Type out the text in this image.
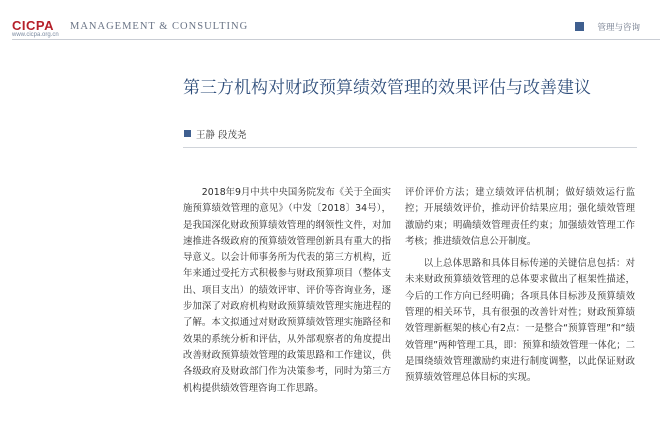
CICPA
www.cicpa.org.cn
MANAGEMENT & CONSULTING	管理与咨询
第三方机构对财政预算绩效管理的效果评估与改善建议
王静 段茂尧

2018年9月中共中央国务院发布《关于全面实施预算绩效管理的意见》（中发〔2018〕34号），是我国深化财政预算绩效管理的纲领性文件，对加速推进各级政府的预算绩效管理创新具有重大的指导意义。以会计师事务所为代表的第三方机构，近年来通过受托方式积极参与财政预算项目（整体支出、项目支出）的绩效评审、评价等咨询业务，逐步加深了对政府机构财政预算绩效管理实施进程的了解。本文拟通过对财政预算绩效管理实施路径和效果的系统分析和评估，从外部观察者的角度提出改善财政预算绩效管理的政策思路和工作建议，供各级政府及财政部门作为决策参考，同时为第三方机构提供绩效管理咨询工作思路。

评价评价方法；建立绩效评估机制；做好绩效运行监控；开展绩效评价，推动评价结果应用；强化绩效管理激励约束；明确绩效管理责任约束；加强绩效管理工作考核；推进绩效信息公开制度。

以上总体思路和具体目标传递的关键信息包括：对未来财政预算绩效管理的总体要求做出了框架性描述，今后的工作方向已经明确；各项具体目标涉及预算绩效管理的相关环节，具有很强的改善针对性；财政预算绩效管理新框架的核心有2点：一是整合“预算管理”和“绩效管理”两种管理工具，即：预算和绩效管理一体化；二是围绕绩效管理激励约束进行制度调整，以此保证财政预算绩效管理总体目标的实现。
